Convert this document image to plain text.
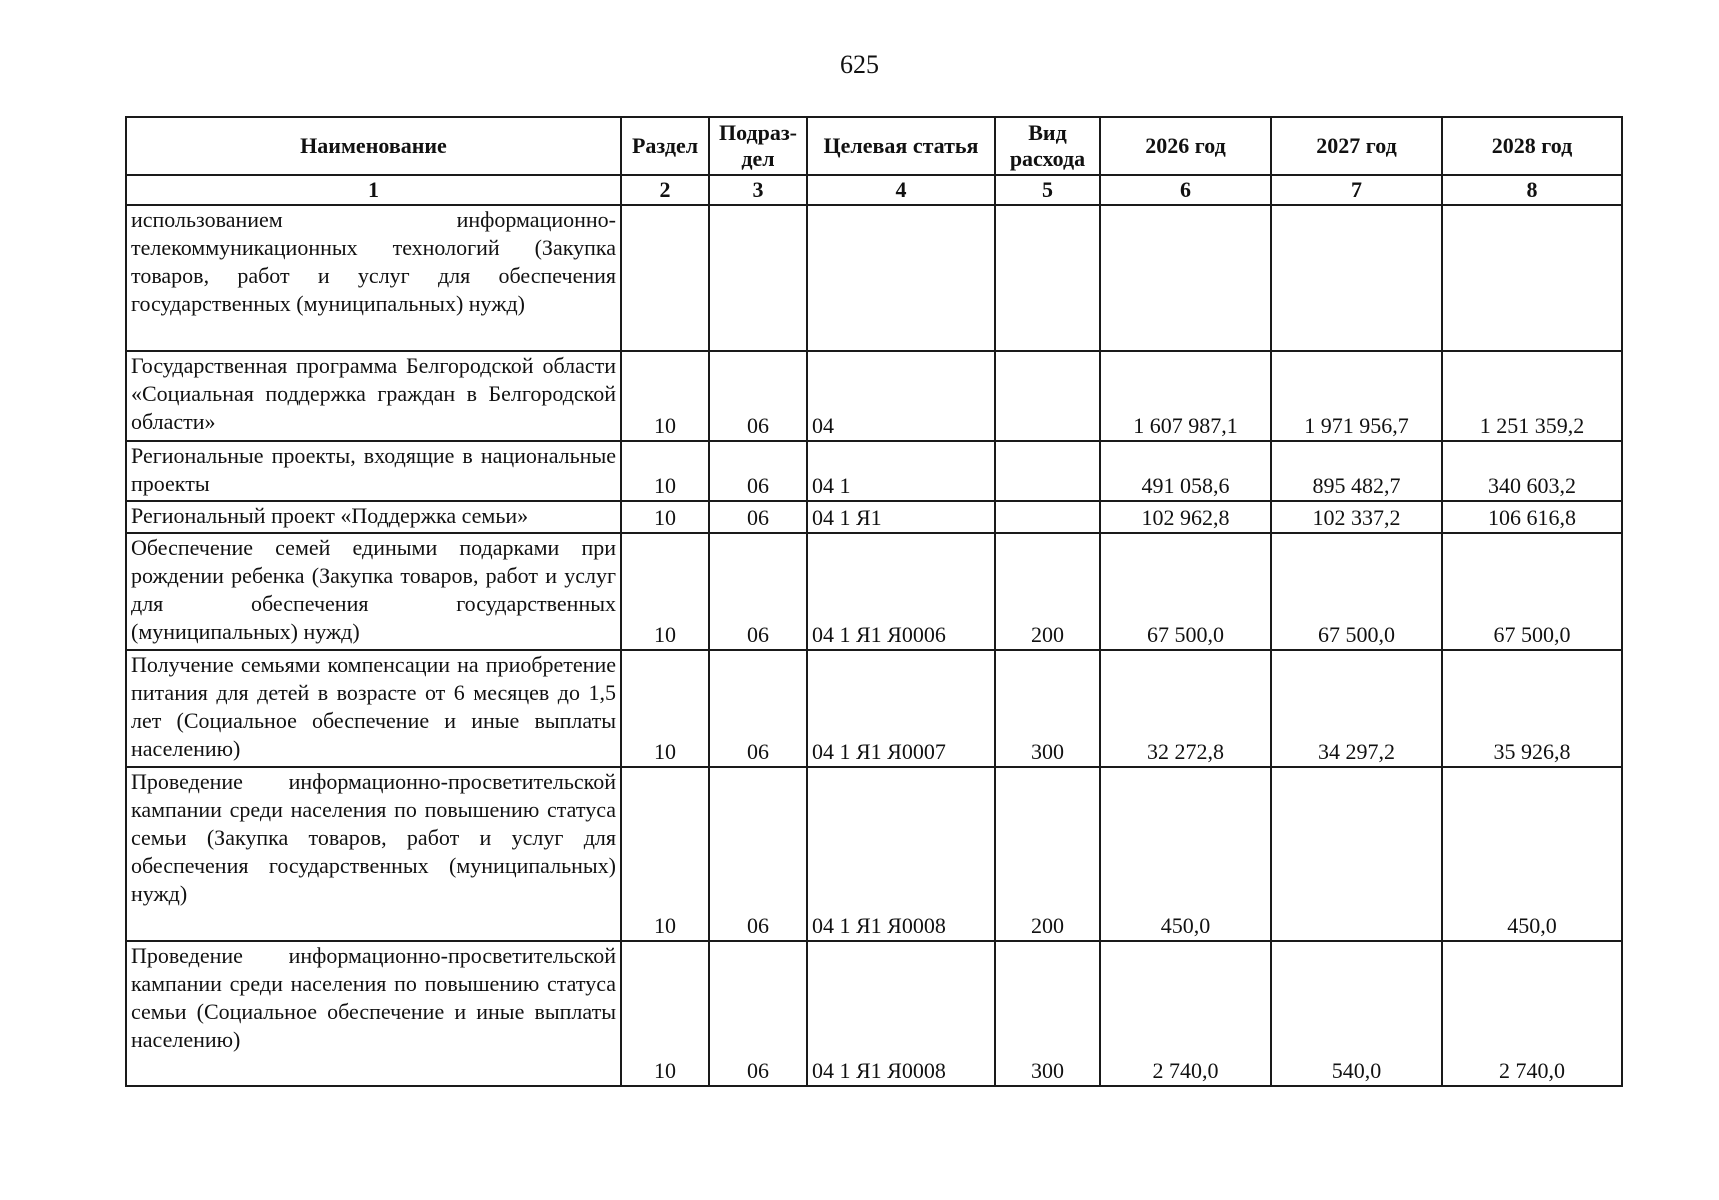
625
Наименование	Раздел	Подраз-дел	Целевая статья	Вид расхода	2026 год	2027 год	2028 год
1	2	3	4	5	6	7	8
использованием информационно-телекоммуникационных технологий (Закупка товаров, работ и услуг для обеспечения государственных (муниципальных) нужд)							
Государственная программа Белгородской области «Социальная поддержка граждан в Белгородской области»	10	06	04		1 607 987,1	1 971 956,7	1 251 359,2
Региональные проекты, входящие в национальные проекты	10	06	04 1		491 058,6	895 482,7	340 603,2
Региональный проект «Поддержка семьи»	10	06	04 1 Я1		102 962,8	102 337,2	106 616,8
Обеспечение семей едиными подарками при рождении ребенка (Закупка товаров, работ и услуг для обеспечения государственных (муниципальных) нужд)	10	06	04 1 Я1 Я0006	200	67 500,0	67 500,0	67 500,0
Получение семьями компенсации на приобретение питания для детей в возрасте от 6 месяцев до 1,5 лет (Социальное обеспечение и иные выплаты населению)	10	06	04 1 Я1 Я0007	300	32 272,8	34 297,2	35 926,8
Проведение информационно-просветительской кампании среди населения по повышению статуса семьи (Закупка товаров, работ и услуг для обеспечения государственных (муниципальных) нужд)	10	06	04 1 Я1 Я0008	200	450,0		450,0
Проведение информационно-просветительской кампании среди населения по повышению статуса семьи (Социальное обеспечение и иные выплаты населению)	10	06	04 1 Я1 Я0008	300	2 740,0	540,0	2 740,0
